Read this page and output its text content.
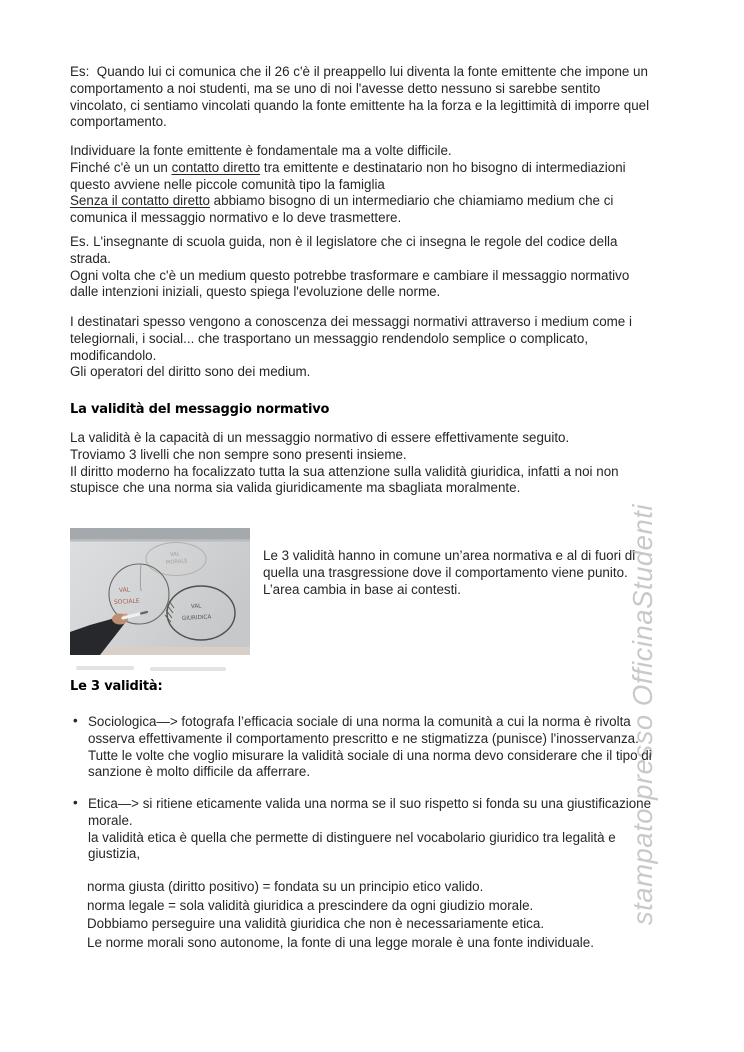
stampato presso OfficinaStudenti
VAL
MORALE
VAL
SOCIALE
VAL
GIURIDICA
Es:  Quando lui ci comunica che il 26 c'è il preappello lui diventa la fonte emittente che impone un
comportamento a noi studenti, ma se uno di noi l'avesse detto nessuno si sarebbe sentito
vincolato, ci sentiamo vincolati quando la fonte emittente ha la forza e la legittimità di imporre quel
comportamento.
Individuare la fonte emittente è fondamentale ma a volte difficile.
Finché c'è un un contatto diretto tra emittente e destinatario non ho bisogno di intermediazioni
questo avviene nelle piccole comunità tipo la famiglia
Senza il contatto diretto abbiamo bisogno di un intermediario che chiamiamo medium che ci
comunica il messaggio normativo e lo deve trasmettere.
Es. L'insegnante di scuola guida, non è il legislatore che ci insegna le regole del codice della
strada.
Ogni volta che c'è un medium questo potrebbe trasformare e cambiare il messaggio normativo
dalle intenzioni iniziali, questo spiega l'evoluzione delle norme.
I destinatari spesso vengono a conoscenza dei messaggi normativi attraverso i medium come i
telegiornali, i social... che trasportano un messaggio rendendolo semplice o complicato,
modificandolo.
Gli operatori del diritto sono dei medium.
La validità del messaggio normativo
La validità è la capacità di un messaggio normativo di essere effettivamente seguito.
Troviamo 3 livelli che non sempre sono presenti insieme.
Il diritto moderno ha focalizzato tutta la sua attenzione sulla validità giuridica, infatti a noi non
stupisce che una norma sia valida giuridicamente ma sbagliata moralmente.
Le 3 validità hanno in comune un’area normativa e al di fuori di
quella una trasgressione dove il comportamento viene punito.
L’area cambia in base ai contesti.
Le 3 validità:
Sociologica—> fotografa l’efficacia sociale di una norma la comunità a cui la norma è rivolta
osserva effettivamente il comportamento prescritto e ne stigmatizza (punisce) l'inosservanza.
Tutte le volte che voglio misurare la validità sociale di una norma devo considerare che il tipo di
sanzione è molto difficile da afferrare.
•
Etica—> si ritiene eticamente valida una norma se il suo rispetto si fonda su una giustificazione
morale.
la validità etica è quella che permette di distinguere nel vocabolario giuridico tra legalità e
giustizia,
•
norma giusta (diritto positivo) = fondata su un principio etico valido.
norma legale = sola validità giuridica a prescindere da ogni giudizio morale.
Dobbiamo perseguire una validità giuridica che non è necessariamente etica.
Le norme morali sono autonome, la fonte di una legge morale è una fonte individuale.
